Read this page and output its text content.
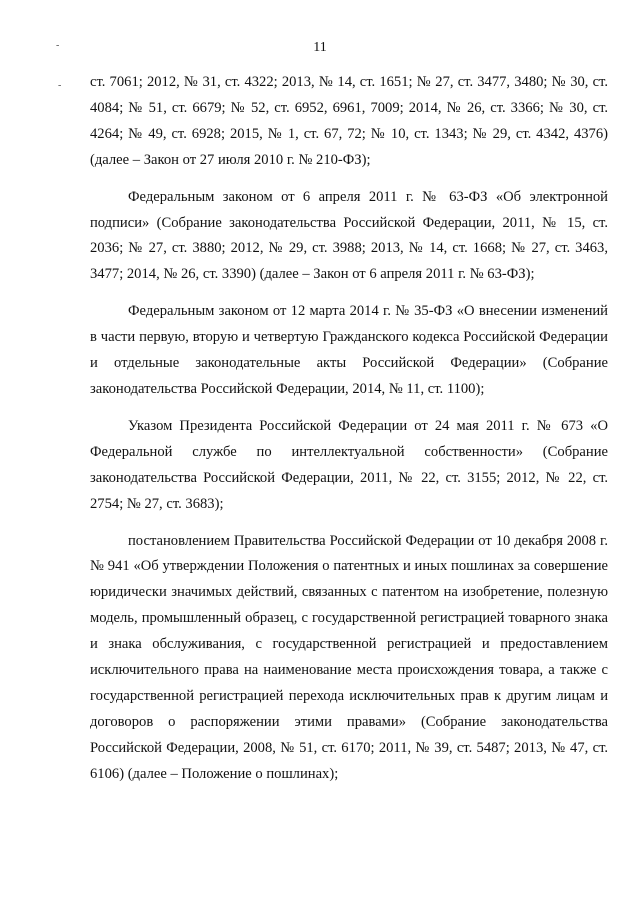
-
-
11

ст. 7061; 2012, № 31, ст. 4322; 2013, № 14, ст. 1651; № 27, ст. 3477, 3480; № 30, ст. 4084; № 51, ст. 6679; № 52, ст. 6952, 6961, 7009; 2014, № 26, ст. 3366; № 30, ст. 4264; № 49, ст. 6928; 2015, № 1, ст. 67, 72; № 10, ст. 1343; № 29, ст. 4342, 4376) (далее – Закон от 27 июля 2010 г. № 210-ФЗ);

Федеральным законом от 6 апреля 2011 г. № 63-ФЗ «Об электронной подписи» (Собрание законодательства Российской Федерации, 2011, № 15, ст. 2036; № 27, ст. 3880; 2012, № 29, ст. 3988; 2013, № 14, ст. 1668; № 27, ст. 3463, 3477; 2014, № 26, ст. 3390) (далее – Закон от 6 апреля 2011 г. № 63-ФЗ);

Федеральным законом от 12 марта 2014 г. № 35-ФЗ «О внесении изменений в части первую, вторую и четвертую Гражданского кодекса Российской Федерации и отдельные законодательные акты Российской Федерации» (Собрание законодательства Российской Федерации, 2014, № 11, ст. 1100);

Указом Президента Российской Федерации от 24 мая 2011 г. № 673 «О Федеральной службе по интеллектуальной собственности» (Собрание законодательства Российской Федерации, 2011, № 22, ст. 3155; 2012, № 22, ст. 2754; № 27, ст. 3683);

постановлением Правительства Российской Федерации от 10 декабря 2008 г. № 941 «Об утверждении Положения о патентных и иных пошлинах за совершение юридически значимых действий, связанных с патентом на изобретение, полезную модель, промышленный образец, с государственной регистрацией товарного знака и знака обслуживания, с государственной регистрацией и предоставлением исключительного права на наименование места происхождения товара, а также с государственной регистрацией перехода исключительных прав к другим лицам и договоров о распоряжении этими правами» (Собрание законодательства Российской Федерации, 2008, № 51, ст. 6170; 2011, № 39, ст. 5487; 2013, № 47, ст. 6106) (далее – Положение о пошлинах);
